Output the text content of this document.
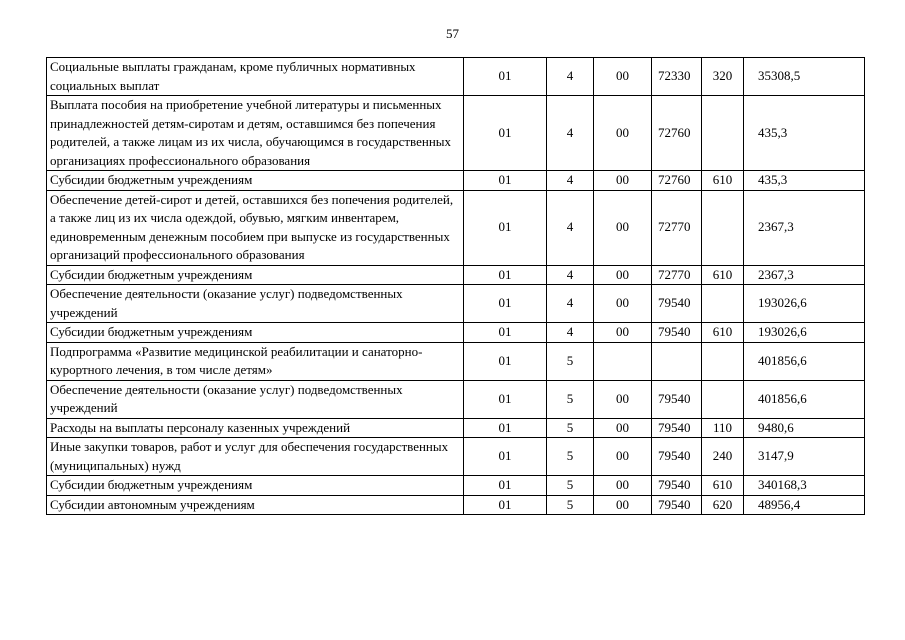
57
Социальные выплаты гражданам, кроме публичных нормативных социальных выплат	01	4	00	72330	320	35308,5
Выплата пособия на приобретение учебной литературы и письменных принадлежностей детям-сиротам и детям, оставшимся без попечения родителей, а также лицам из их числа, обучающимся в государственных организациях профессионального образования	01	4	00	72760		435,3
Субсидии бюджетным учреждениям	01	4	00	72760	610	435,3
Обеспечение детей-сирот и детей, оставшихся без попечения родителей, а также лиц из их числа одеждой, обувью, мягким инвентарем, единовременным денежным пособием при выпуске из государственных организаций профессионального образования	01	4	00	72770		2367,3
Субсидии бюджетным учреждениям	01	4	00	72770	610	2367,3
Обеспечение деятельности (оказание услуг) подведомственных учреждений	01	4	00	79540		193026,6
Субсидии бюджетным учреждениям	01	4	00	79540	610	193026,6
Подпрограмма «Развитие медицинской реабилитации и санаторно-курортного лечения, в том числе детям»	01	5				401856,6
Обеспечение деятельности (оказание услуг) подведомственных учреждений	01	5	00	79540		401856,6
Расходы на выплаты персоналу казенных учреждений	01	5	00	79540	110	9480,6
Иные закупки товаров, работ и услуг для обеспечения государственных (муниципальных) нужд	01	5	00	79540	240	3147,9
Субсидии бюджетным учреждениям	01	5	00	79540	610	340168,3
Субсидии автономным учреждениям	01	5	00	79540	620	48956,4
